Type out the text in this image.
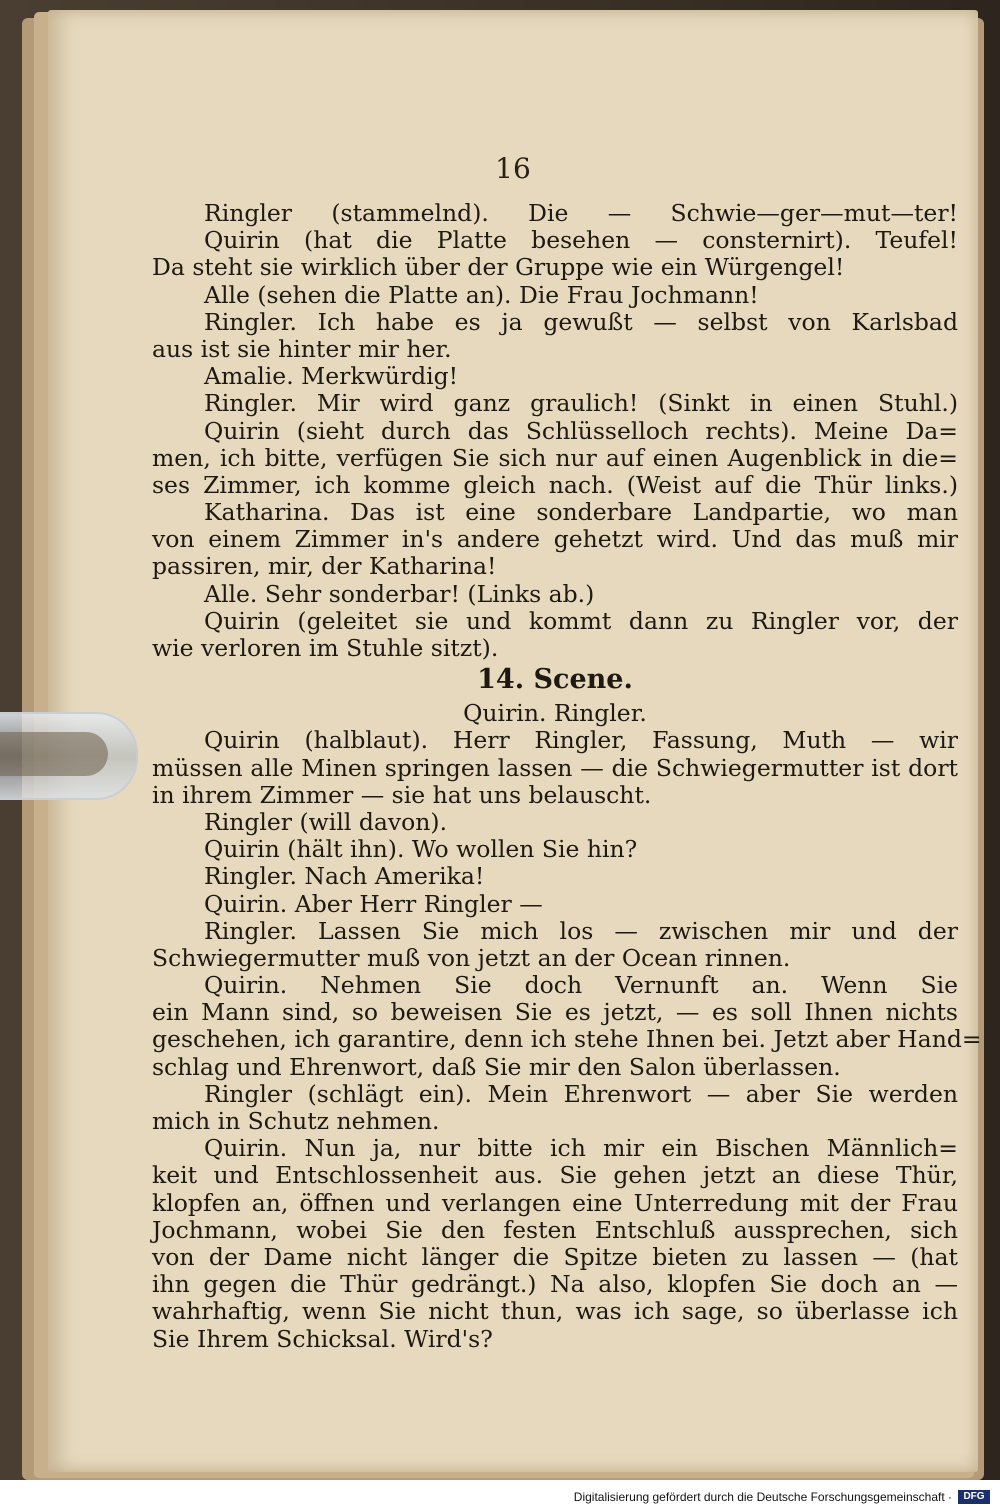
16
Ringler (stammelnd). Die — Schwie—ger—mut—ter!
Quirin (hat die Platte besehen — consternirt). Teufel!
Da steht sie wirklich über der Gruppe wie ein Würgengel!
Alle (sehen die Platte an). Die Frau Jochmann!
Ringler. Ich habe es ja gewußt — selbst von Karlsbad
aus ist sie hinter mir her.
Amalie. Merkwürdig!
Ringler. Mir wird ganz graulich! (Sinkt in einen Stuhl.)
Quirin (sieht durch das Schlüsselloch rechts). Meine Da=
men, ich bitte, verfügen Sie sich nur auf einen Augenblick in die=
ses Zimmer, ich komme gleich nach. (Weist auf die Thür links.)
Katharina. Das ist eine sonderbare Landpartie, wo man
von einem Zimmer in's andere gehetzt wird. Und das muß mir
passiren, mir, der Katharina!
Alle. Sehr sonderbar! (Links ab.)
Quirin (geleitet sie und kommt dann zu Ringler vor, der
wie verloren im Stuhle sitzt).
14. Scene.
Quirin. Ringler.
Quirin (halblaut). Herr Ringler, Fassung, Muth — wir
müssen alle Minen springen lassen — die Schwiegermutter ist dort
in ihrem Zimmer — sie hat uns belauscht.
Ringler (will davon).
Quirin (hält ihn). Wo wollen Sie hin?
Ringler. Nach Amerika!
Quirin. Aber Herr Ringler —
Ringler. Lassen Sie mich los — zwischen mir und der
Schwiegermutter muß von jetzt an der Ocean rinnen.
Quirin. Nehmen Sie doch Vernunft an. Wenn Sie
ein Mann sind, so beweisen Sie es jetzt, — es soll Ihnen nichts
geschehen, ich garantire, denn ich stehe Ihnen bei. Jetzt aber Hand=
schlag und Ehrenwort, daß Sie mir den Salon überlassen.
Ringler (schlägt ein). Mein Ehrenwort — aber Sie werden
mich in Schutz nehmen.
Quirin. Nun ja, nur bitte ich mir ein Bischen Männlich=
keit und Entschlossenheit aus. Sie gehen jetzt an diese Thür,
klopfen an, öffnen und verlangen eine Unterredung mit der Frau
Jochmann, wobei Sie den festen Entschluß aussprechen, sich
von der Dame nicht länger die Spitze bieten zu lassen — (hat
ihn gegen die Thür gedrängt.) Na also, klopfen Sie doch an —
wahrhaftig, wenn Sie nicht thun, was ich sage, so überlasse ich
Sie Ihrem Schicksal. Wird's?
Digitalisierung gefördert durch die Deutsche Forschungsgemeinschaft ·	DFG
